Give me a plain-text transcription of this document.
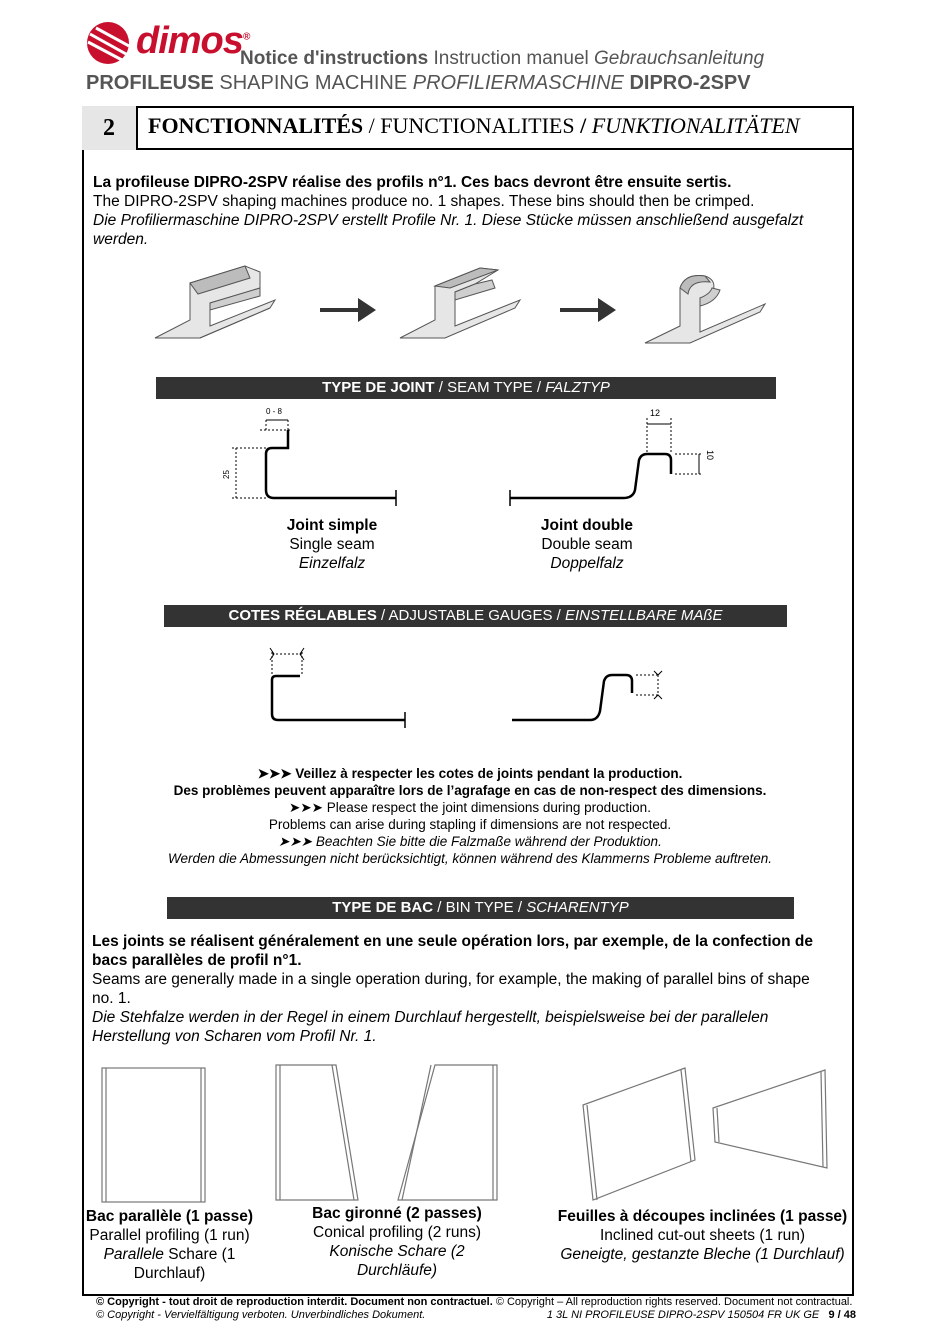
dimos®
Notice d'instructions Instruction manuel Gebrauchsanleitung
PROFILEUSE SHAPING MACHINE PROFILIERMASCHINE DIPRO-2SPV
2	FONCTIONNALITÉS / FUNCTIONALITIES / FUNKTIONALITÄTEN
La profileuse DIPRO-2SPV réalise des profils n°1. Ces bacs devront être ensuite sertis.
The DIPRO-2SPV shaping machines produce no. 1 shapes. These bins should then be crimped.
Die Profiliermaschine DIPRO-2SPV erstellt Profile Nr. 1. Diese Stücke müssen anschließend ausgefalzt werden.
TYPE DE JOINT / SEAM TYPE / FALZTYP
0 - 8
25
12
10
Joint simple
Single seam
Einzelfalz
Joint double
Double seam
Doppelfalz
COTES RÉGLABLES / ADJUSTABLE GAUGES / EINSTELLBARE MAßE
➤➤➤ Veillez à respecter les cotes de joints pendant la production.
Des problèmes peuvent apparaître lors de l’agrafage en cas de non-respect des dimensions.
➤➤➤ Please respect the joint dimensions during production.
Problems can arise during stapling if dimensions are not respected.
➤➤➤ Beachten Sie bitte die Falzmaße während der Produktion.
Werden die Abmessungen nicht berücksichtigt, können während des Klammerns Probleme auftreten.
TYPE DE BAC / BIN TYPE / SCHARENTYP
Les joints se réalisent généralement en une seule opération lors, par exemple, de la confection de bacs parallèles de profil n°1.
Seams are generally made in a single operation during, for example, the making of parallel bins of shape no. 1.
Die Stehfalze werden in der Regel in einem Durchlauf hergestellt, beispielsweise bei der parallelen Herstellung von Scharen vom Profil Nr. 1.
Bac parallèle (1 passe)
Parallel profiling (1 run)
Parallele Schare (1 Durchlauf)
Bac gironné (2 passes)
Conical profiling (2 runs)
Konische Schare (2 Durchläufe)
Feuilles à découpes inclinées (1 passe)
Inclined cut-out sheets (1 run)
Geneigte, gestanzte Bleche (1 Durchlauf)
© Copyright - tout droit de reproduction interdit. Document non contractuel. © Copyright – All reproduction rights reserved. Document not contractual.
© Copyright - Vervielfältigung verboten. Unverbindliches Dokument.	1 3L NI PROFILEUSE DIPRO-2SPV 150504 FR UK GE 9 / 48
